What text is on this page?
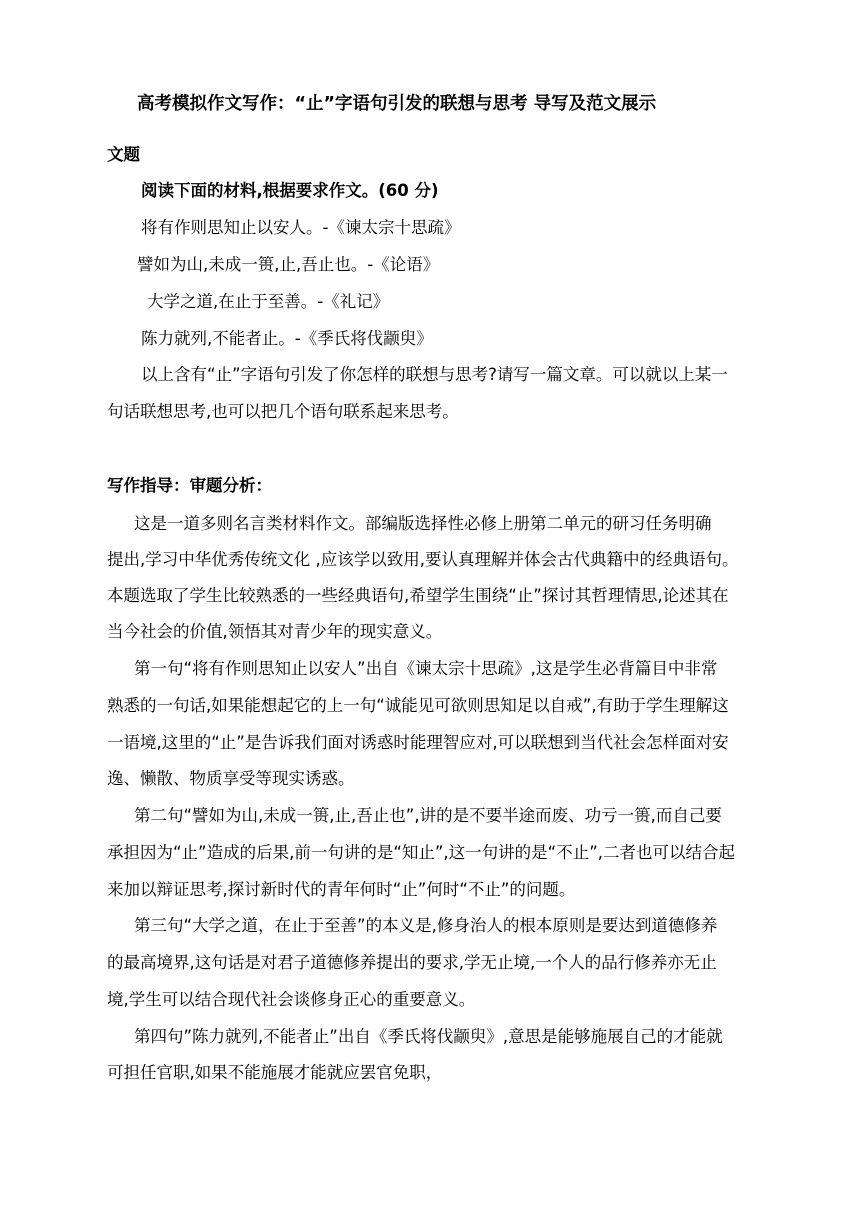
高考模拟作文写作：“止”字语句引发的联想与思考 导写及范文展示
文题
阅读下面的材料,根据要求作文。(60 分)
将有作则思知止以安人。-《谏太宗十思疏》
譬如为山,未成一篑,止,吾止也。-《论语》
大学之道,在止于至善。-《礼记》
陈力就列,不能者止。-《季氏将伐颛臾》
以上含有“止”字语句引发了你怎样的联想与思考?请写一篇文章。可以就以上某一
句话联想思考,也可以把几个语句联系起来思考。
写作指导：审题分析：
这是一道多则名言类材料作文。部编版选择性必修上册第二单元的研习任务明确
提出,学习中华优秀传统文化 ,应该学以致用,要认真理解并体会古代典籍中的经典语句。
本题选取了学生比较熟悉的一些经典语句,希望学生围绕“止”探讨其哲理情思,论述其在
当今社会的价值,领悟其对青少年的现实意义。
第一句“将有作则思知止以安人”出自《谏太宗十思疏》,这是学生必背篇目中非常
熟悉的一句话,如果能想起它的上一句“诚能见可欲则思知足以自戒”,有助于学生理解这
一语境,这里的“止”是告诉我们面对诱惑时能理智应对,可以联想到当代社会怎样面对安
逸、懒散、物质享受等现实诱惑。
第二句“譬如为山,未成一篑,止,吾止也”,讲的是不要半途而废、功亏一篑,而自己要
承担因为“止”造成的后果,前一句讲的是“知止”,这一句讲的是“不止”,二者也可以结合起
来加以辩证思考,探讨新时代的青年何时“止”何时“不止”的问题。
第三句“大学之道，在止于至善”的本义是,修身治人的根本原则是要达到道德修养
的最高境界,这句话是对君子道德修养提出的要求,学无止境,一个人的品行修养亦无止
境,学生可以结合现代社会谈修身正心的重要意义。
第四句”陈力就列,不能者止”出自《季氏将伐颛臾》,意思是能够施展自己的才能就
可担任官职,如果不能施展才能就应罢官免职，
